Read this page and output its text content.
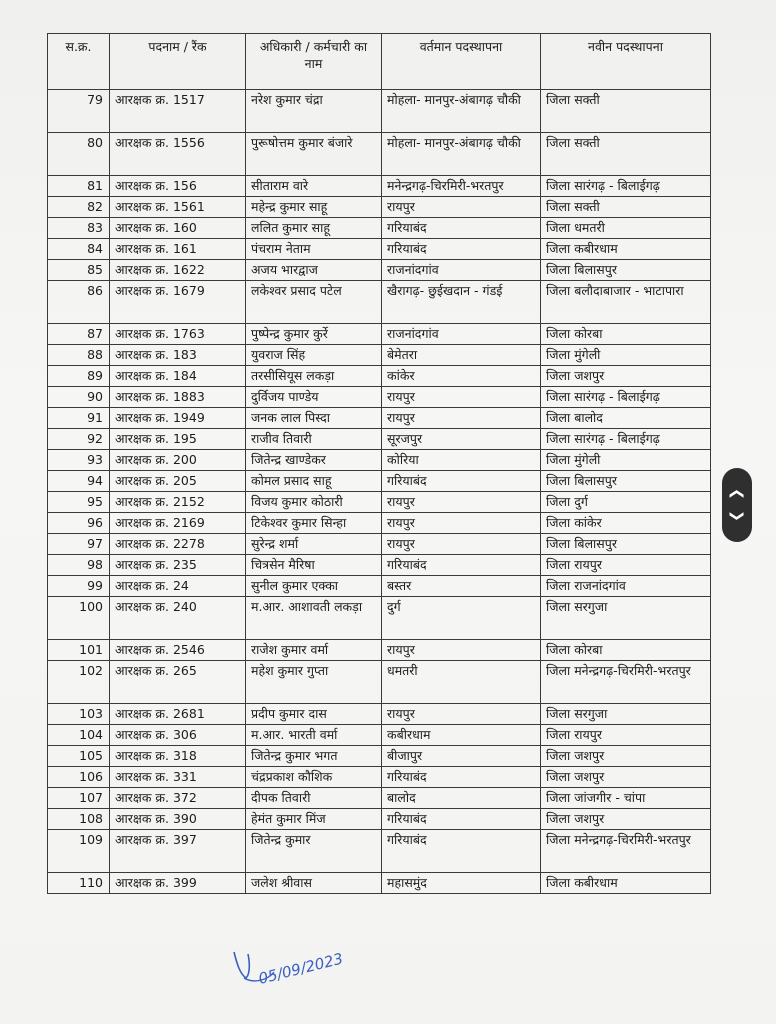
स.क्र.	पदनाम / रैंक	अधिकारी / कर्मचारी का नाम	वर्तमान पदस्थापना	नवीन पदस्थापना
79	आरक्षक क्र. 1517	नरेश कुमार चंद्रा	मोहला- मानपुर-अंबागढ़ चौकी	जिला सक्ती
80	आरक्षक क्र. 1556	पुरूषोत्तम कुमार बंजारे	मोहला- मानपुर-अंबागढ़ चौकी	जिला सक्ती
81	आरक्षक क्र. 156	सीताराम वारे	मनेन्द्रगढ़-चिरमिरी-भरतपुर	जिला सारंगढ़ - बिलाईगढ़
82	आरक्षक क्र. 1561	महेन्द्र कुमार साहू	रायपुर	जिला सक्ती
83	आरक्षक क्र. 160	ललित कुमार साहू	गरियाबंद	जिला धमतरी
84	आरक्षक क्र. 161	पंचराम नेताम	गरियाबंद	जिला कबीरधाम
85	आरक्षक क्र. 1622	अजय भारद्वाज	राजनांदगांव	जिला बिलासपुर
86	आरक्षक क्र. 1679	लकेश्वर प्रसाद पटेल	खैरागढ़- छुईखदान - गंडई	जिला बलौदाबाजार - भाटापारा
87	आरक्षक क्र. 1763	पुष्पेन्द्र कुमार कुर्रे	राजनांदगांव	जिला कोरबा
88	आरक्षक क्र. 183	युवराज सिंह	बेमेतरा	जिला मुंगेली
89	आरक्षक क्र. 184	तरसीसियूस लकड़ा	कांकेर	जिला जशपुर
90	आरक्षक क्र. 1883	दुर्विजय पाण्डेय	रायपुर	जिला सारंगढ़ - बिलाईगढ़
91	आरक्षक क्र. 1949	जनक लाल पिस्दा	रायपुर	जिला बालोद
92	आरक्षक क्र. 195	राजीव तिवारी	सूरजपुर	जिला सारंगढ़ - बिलाईगढ़
93	आरक्षक क्र. 200	जितेन्द्र खाण्डेकर	कोरिया	जिला मुंगेली
94	आरक्षक क्र. 205	कोमल प्रसाद साहू	गरियाबंद	जिला बिलासपुर
95	आरक्षक क्र. 2152	विजय कुमार कोठारी	रायपुर	जिला दुर्ग
96	आरक्षक क्र. 2169	टिकेश्वर कुमार सिन्हा	रायपुर	जिला कांकेर
97	आरक्षक क्र. 2278	सुरेन्द्र शर्मा	रायपुर	जिला बिलासपुर
98	आरक्षक क्र. 235	चित्रसेन मैरिषा	गरियाबंद	जिला रायपुर
99	आरक्षक क्र. 24	सुनील कुमार एक्का	बस्तर	जिला राजनांदगांव
100	आरक्षक क्र. 240	म.आर. आशावती लकड़ा	दुर्ग	जिला सरगुजा
101	आरक्षक क्र. 2546	राजेश कुमार वर्मा	रायपुर	जिला कोरबा
102	आरक्षक क्र. 265	महेश कुमार गुप्ता	धमतरी	जिला मनेन्द्रगढ़-चिरमिरी-भरतपुर
103	आरक्षक क्र. 2681	प्रदीप कुमार दास	रायपुर	जिला सरगुजा
104	आरक्षक क्र. 306	म.आर. भारती वर्मा	कबीरधाम	जिला रायपुर
105	आरक्षक क्र. 318	जितेन्द्र कुमार भगत	बीजापुर	जिला जशपुर
106	आरक्षक क्र. 331	चंद्रप्रकाश कौशिक	गरियाबंद	जिला जशपुर
107	आरक्षक क्र. 372	दीपक तिवारी	बालोद	जिला जांजगीर - चांपा
108	आरक्षक क्र. 390	हेमंत कुमार मिंज	गरियाबंद	जिला जशपुर
109	आरक्षक क्र. 397	जितेन्द्र कुमार	गरियाबंद	जिला मनेन्द्रगढ़-चिरमिरी-भरतपुर
110	आरक्षक क्र. 399	जलेश श्रीवास	महासमुंद	जिला कबीरधाम
05/09/2023
❮
❯
